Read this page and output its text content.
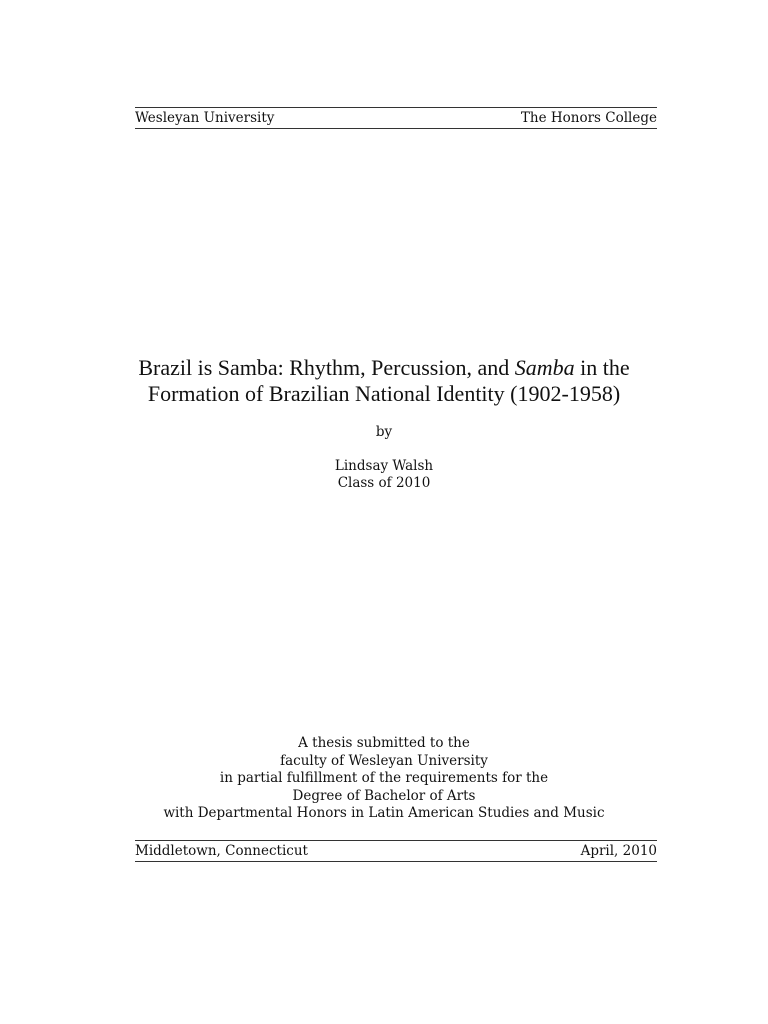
Wesleyan University	The Honors College
Brazil is Samba: Rhythm, Percussion, and Samba in the
Formation of Brazilian National Identity (1902-1958)
by
Lindsay Walsh
Class of 2010
A thesis submitted to the
faculty of Wesleyan University
in partial fulfillment of the requirements for the
Degree of Bachelor of Arts
with Departmental Honors in Latin American Studies and Music
Middletown, Connecticut	April, 2010
